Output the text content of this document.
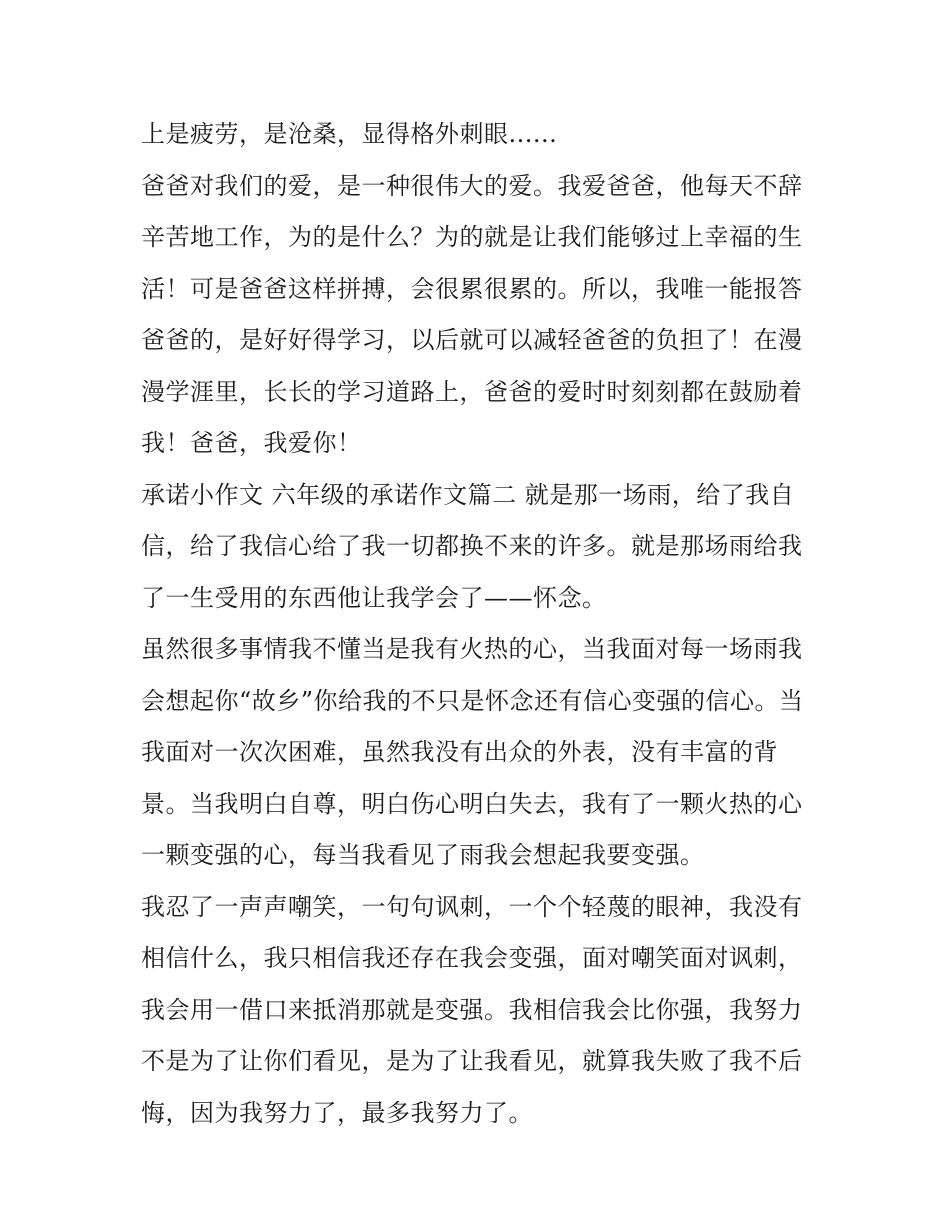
上是疲劳，是沧桑，显得格外刺眼......
爸爸对我们的爱，是一种很伟大的爱。我爱爸爸，他每天不辞
辛苦地工作，为的是什么？为的就是让我们能够过上幸福的生
活！可是爸爸这样拼搏，会很累很累的。所以，我唯一能报答
爸爸的，是好好得学习，以后就可以减轻爸爸的负担了！在漫
漫学涯里，长长的学习道路上，爸爸的爱时时刻刻都在鼓励着
我！爸爸，我爱你！
承诺小作文 六年级的承诺作文篇二 就是那一场雨，给了我自
信，给了我信心给了我一切都换不来的许多。就是那场雨给我
了一生受用的东西他让我学会了——怀念。
虽然很多事情我不懂当是我有火热的心，当我面对每一场雨我
会想起你“故乡”你给我的不只是怀念还有信心变强的信心。当
我面对一次次困难，虽然我没有出众的外表，没有丰富的背
景。当我明白自尊，明白伤心明白失去，我有了一颗火热的心
一颗变强的心，每当我看见了雨我会想起我要变强。
我忍了一声声嘲笑，一句句讽刺，一个个轻蔑的眼神，我没有
相信什么，我只相信我还存在我会变强，面对嘲笑面对讽刺，
我会用一借口来抵消那就是变强。我相信我会比你强，我努力
不是为了让你们看见，是为了让我看见，就算我失败了我不后
悔，因为我努力了，最多我努力了。
